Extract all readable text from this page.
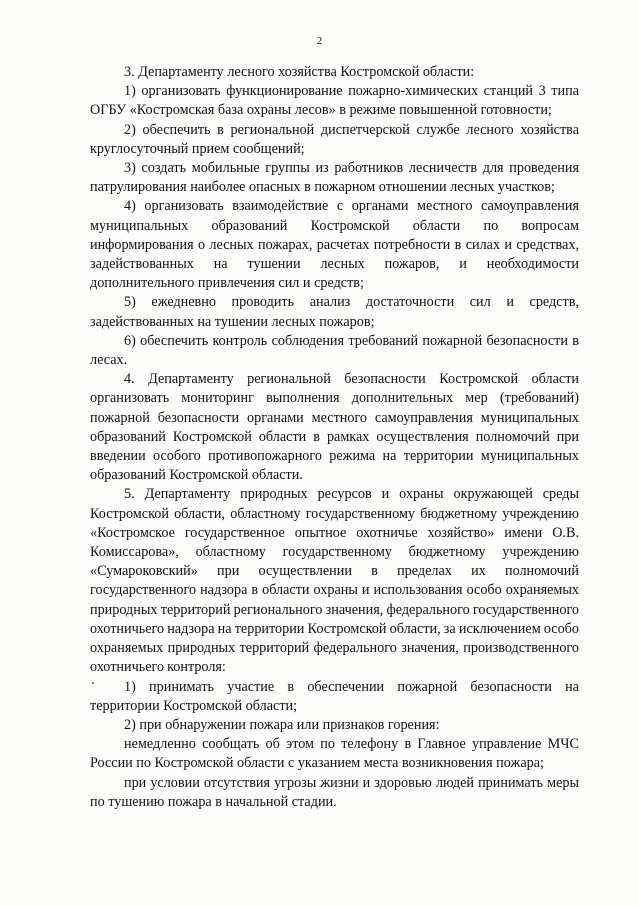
2

3. Департаменту лесного хозяйства Костромской области:

1) организовать функционирование пожарно-химических станций 3 типа ОГБУ «Костромская база охраны лесов» в режиме повышенной готовности;

2) обеспечить в региональной диспетчерской службе лесного хозяйства круглосуточный прием сообщений;

3) создать мобильные группы из работников лесничеств для проведения патрулирования наиболее опасных в пожарном отношении лесных участков;

4) организовать взаимодействие с органами местного самоуправления муниципальных образований Костромской области по вопросам информирования о лесных пожарах, расчетах потребности в силах и средствах, задействованных на тушении лесных пожаров, и необходимости дополнительного привлечения сил и средств;

5) ежедневно проводить анализ достаточности сил и средств, задействованных на тушении лесных пожаров;

6) обеспечить контроль соблюдения требований пожарной безопасности в лесах.

4. Департаменту региональной безопасности Костромской области организовать мониторинг выполнения дополнительных мер (требований) пожарной безопасности органами местного самоуправления муниципальных образований Костромской области в рамках осуществления полномочий при введении особого противопожарного режима на территории муниципальных образований Костромской области.

5. Департаменту природных ресурсов и охраны окружающей среды Костромской области, областному государственному бюджетному учреждению «Костромское государственное опытное охотничье хозяйство» имени О.В. Комиссарова», областному государственному бюджетному учреждению «Сумароковский» при осуществлении в пределах их полномочий государственного надзора в области охраны и использования особо охраняемых природных территорий регионального значения, федерального государственного охотничьего надзора на территории Костромской области, за исключением особо охраняемых природных территорий федерального значения, производственного охотничьего контроля:

1) принимать участие в обеспечении пожарной безопасности на территории Костромской области;

2) при обнаружении пожара или признаков горения:

немедленно сообщать об этом по телефону в Главное управление МЧС России по Костромской области с указанием места возникновения пожара;

при условии отсутствия угрозы жизни и здоровью людей принимать меры по тушению пожара в начальной стадии.
